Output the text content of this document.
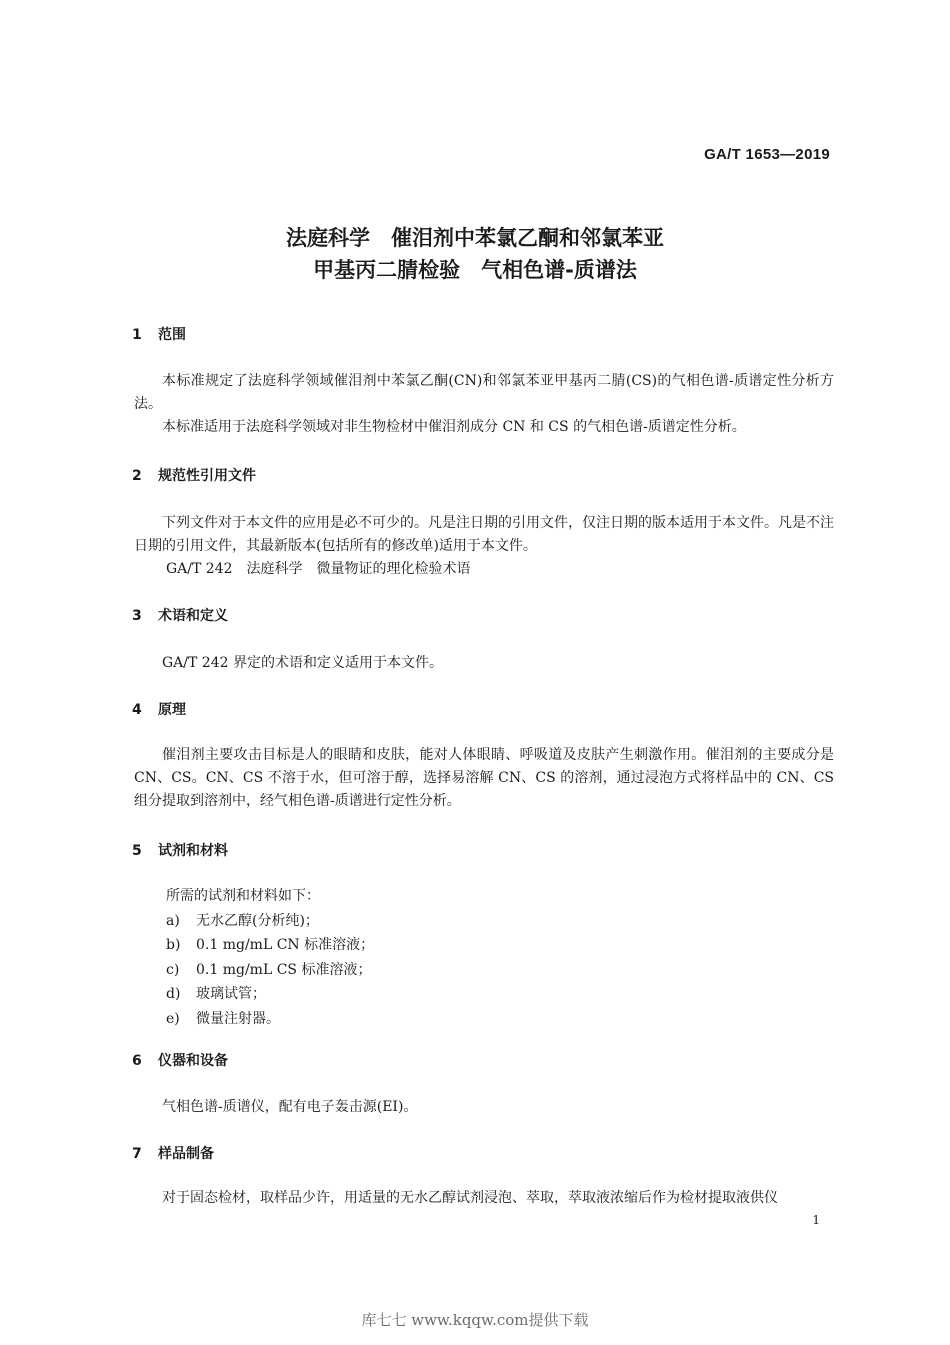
GA/T 1653—2019
法庭科学　催泪剂中苯氯乙酮和邻氯苯亚
甲基丙二腈检验　气相色谱-质谱法
1 范围

本标准规定了法庭科学领域催泪剂中苯氯乙酮(CN)和邻氯苯亚甲基丙二腈(CS)的气相色谱-质谱定性分析方法。

本标准适用于法庭科学领域对非生物检材中催泪剂成分 CN 和 CS 的气相色谱-质谱定性分析。

2 规范性引用文件

下列文件对于本文件的应用是必不可少的。凡是注日期的引用文件，仅注日期的版本适用于本文件。凡是不注日期的引用文件，其最新版本(包括所有的修改单)适用于本文件。

GA/T 242　法庭科学　微量物证的理化检验术语
3 术语和定义

GA/T 242 界定的术语和定义适用于本文件。

4 原理

催泪剂主要攻击目标是人的眼睛和皮肤，能对人体眼睛、呼吸道及皮肤产生刺激作用。催泪剂的主要成分是 CN、CS。CN、CS 不溶于水，但可溶于醇，选择易溶解 CN、CS 的溶剂，通过浸泡方式将样品中的 CN、CS 组分提取到溶剂中，经气相色谱-质谱进行定性分析。

5 试剂和材料
所需的试剂和材料如下：
a) 无水乙醇(分析纯)；
b) 0.1 mg/mL CN 标准溶液；
c) 0.1 mg/mL CS 标准溶液；
d) 玻璃试管；
e) 微量注射器。
6 仪器和设备

气相色谱-质谱仪，配有电子轰击源(EI)。

7 样品制备

对于固态检材，取样品少许，用适量的无水乙醇试剂浸泡、萃取，萃取液浓缩后作为检材提取液供仪

1
库七七 www.kqqw.com提供下载
